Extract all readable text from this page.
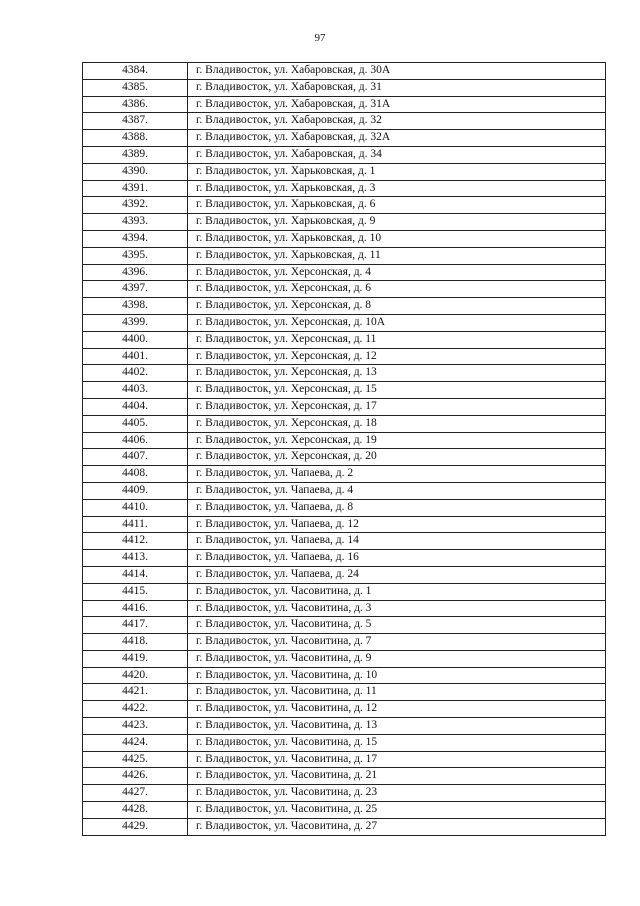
97
4384.	г. Владивосток, ул. Хабаровская, д. 30А
4385.	г. Владивосток, ул. Хабаровская, д. 31
4386.	г. Владивосток, ул. Хабаровская, д. 31А
4387.	г. Владивосток, ул. Хабаровская, д. 32
4388.	г. Владивосток, ул. Хабаровская, д. 32А
4389.	г. Владивосток, ул. Хабаровская, д. 34
4390.	г. Владивосток, ул. Харьковская, д. 1
4391.	г. Владивосток, ул. Харьковская, д. 3
4392.	г. Владивосток, ул. Харьковская, д. 6
4393.	г. Владивосток, ул. Харьковская, д. 9
4394.	г. Владивосток, ул. Харьковская, д. 10
4395.	г. Владивосток, ул. Харьковская, д. 11
4396.	г. Владивосток, ул. Херсонская, д. 4
4397.	г. Владивосток, ул. Херсонская, д. 6
4398.	г. Владивосток, ул. Херсонская, д. 8
4399.	г. Владивосток, ул. Херсонская, д. 10А
4400.	г. Владивосток, ул. Херсонская, д. 11
4401.	г. Владивосток, ул. Херсонская, д. 12
4402.	г. Владивосток, ул. Херсонская, д. 13
4403.	г. Владивосток, ул. Херсонская, д. 15
4404.	г. Владивосток, ул. Херсонская, д. 17
4405.	г. Владивосток, ул. Херсонская, д. 18
4406.	г. Владивосток, ул. Херсонская, д. 19
4407.	г. Владивосток, ул. Херсонская, д. 20
4408.	г. Владивосток, ул. Чапаева, д. 2
4409.	г. Владивосток, ул. Чапаева, д. 4
4410.	г. Владивосток, ул. Чапаева, д. 8
4411.	г. Владивосток, ул. Чапаева, д. 12
4412.	г. Владивосток, ул. Чапаева, д. 14
4413.	г. Владивосток, ул. Чапаева, д. 16
4414.	г. Владивосток, ул. Чапаева, д. 24
4415.	г. Владивосток, ул. Часовитина, д. 1
4416.	г. Владивосток, ул. Часовитина, д. 3
4417.	г. Владивосток, ул. Часовитина, д. 5
4418.	г. Владивосток, ул. Часовитина, д. 7
4419.	г. Владивосток, ул. Часовитина, д. 9
4420.	г. Владивосток, ул. Часовитина, д. 10
4421.	г. Владивосток, ул. Часовитина, д. 11
4422.	г. Владивосток, ул. Часовитина, д. 12
4423.	г. Владивосток, ул. Часовитина, д. 13
4424.	г. Владивосток, ул. Часовитина, д. 15
4425.	г. Владивосток, ул. Часовитина, д. 17
4426.	г. Владивосток, ул. Часовитина, д. 21
4427.	г. Владивосток, ул. Часовитина, д. 23
4428.	г. Владивосток, ул. Часовитина, д. 25
4429.	г. Владивосток, ул. Часовитина, д. 27
